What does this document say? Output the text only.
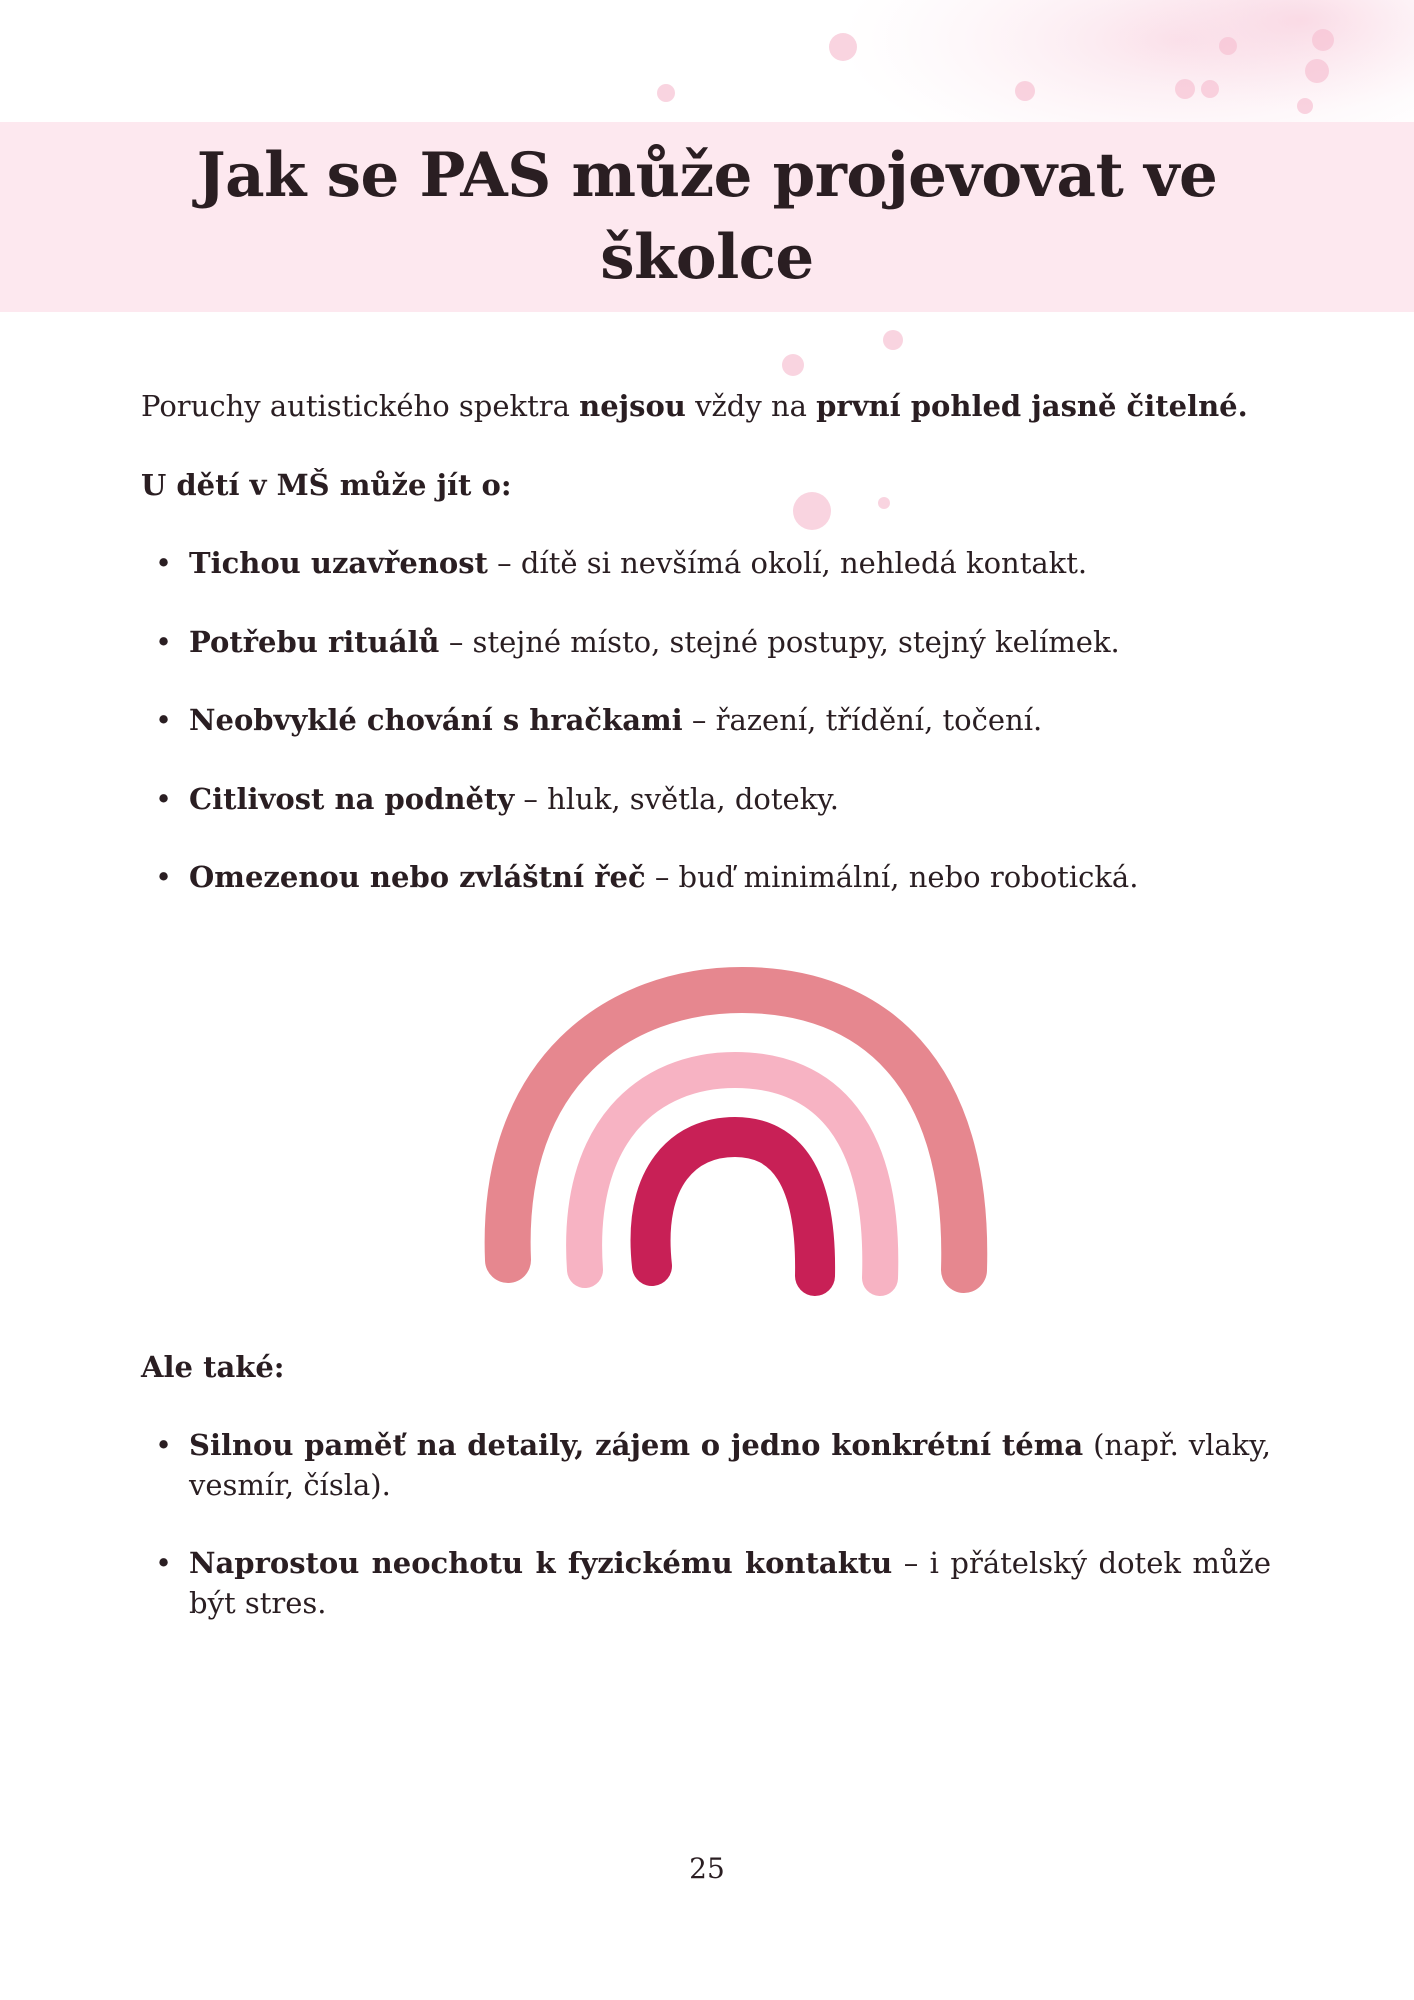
Jak se PAS může projevovat ve
školce

Poruchy autistického spektra nejsou vždy na první pohled jasně čitelné.

U dětí v MŠ může jít o:

• Tichou uzavřenost – dítě si nevšímá okolí, nehledá kontakt.
• Potřebu rituálů – stejné místo, stejné postupy, stejný kelímek.
• Neobvyklé chování s hračkami – řazení, třídění, točení.
• Citlivost na podněty – hluk, světla, doteky.
• Omezenou nebo zvláštní řeč – buď minimální, nebo robotická.

Ale také:

• Silnou paměť na detaily, zájem o jedno konkrétní téma (např. vlaky, vesmír, čísla).
• Naprostou neochotu k fyzickému kontaktu – i přátelský dotek může být stres.
25
